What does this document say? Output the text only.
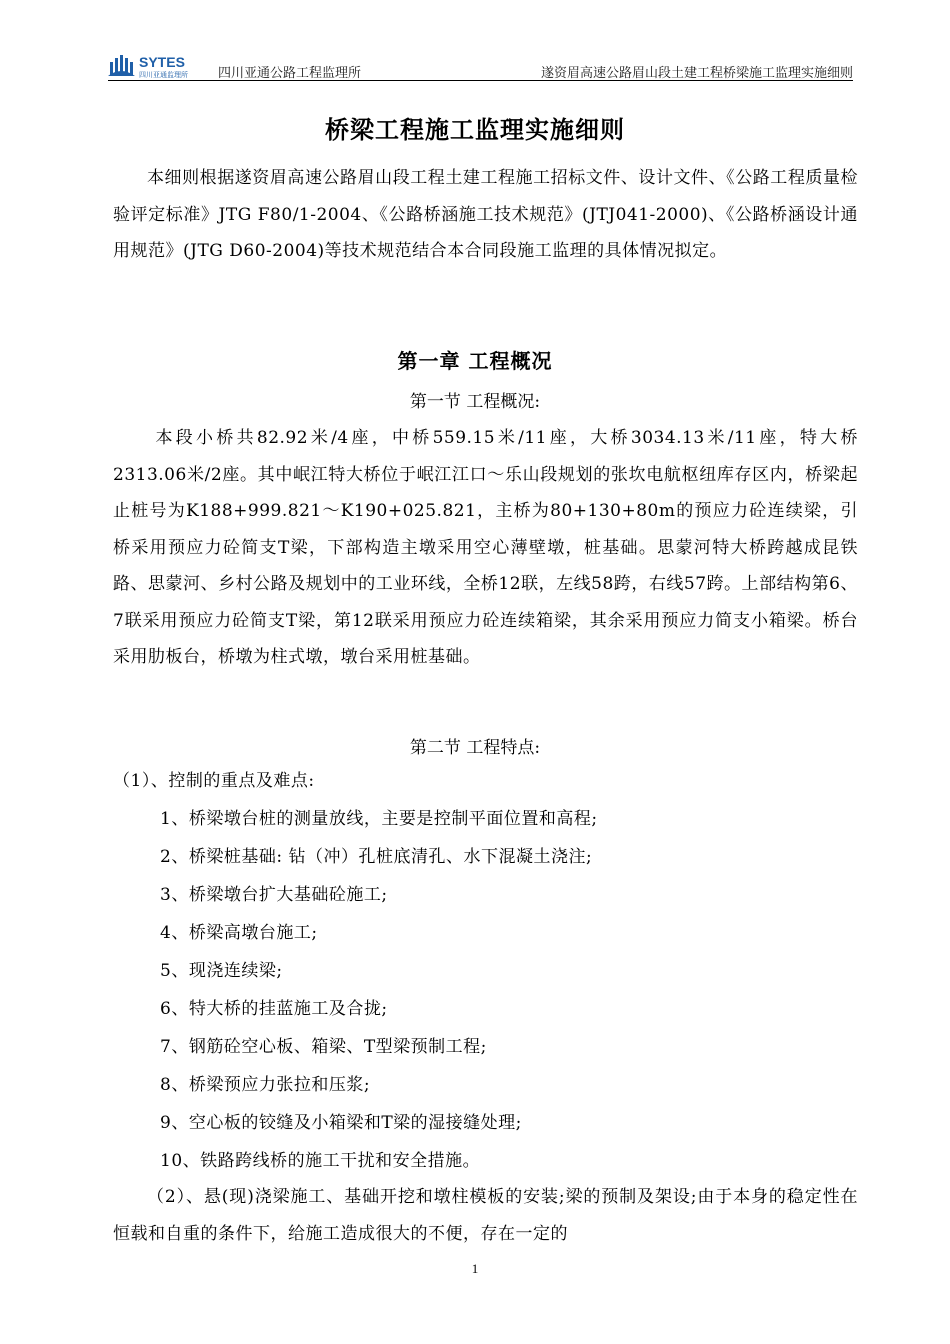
SYTES
四川亚通监理所 四川亚通公路工程监理所	遂资眉高速公路眉山段土建工程桥梁施工监理实施细则
桥梁工程施工监理实施细则

本细则根据遂资眉高速公路眉山段工程土建工程施工招标文件、设计文件、《公路工程质量检验评定标准》JTG F80/1-2004、《公路桥涵施工技术规范》(JTJ041-2000)、《公路桥涵设计通用规范》(JTG D60-2004)等技术规范结合本合同段施工监理的具体情况拟定。

第一章 工程概况
第一节 工程概况:

本段小桥共82.92米/4座，中桥559.15米/11座，大桥3034.13米/11座，特大桥2313.06米/2座。其中岷江特大桥位于岷江江口～乐山段规划的张坎电航枢纽库存区内，桥梁起止桩号为K188+999.821～K190+025.821，主桥为80+130+80m的预应力砼连续梁，引桥采用预应力砼简支T梁，下部构造主墩采用空心薄壁墩，桩基础。思蒙河特大桥跨越成昆铁路、思蒙河、乡村公路及规划中的工业环线，全桥12联，左线58跨，右线57跨。上部结构第6、7联采用预应力砼简支T梁，第12联采用预应力砼连续箱梁，其余采用预应力简支小箱梁。桥台采用肋板台，桥墩为柱式墩，墩台采用桩基础。

第二节 工程特点:

（1）、控制的重点及难点:

1、桥梁墩台桩的测量放线，主要是控制平面位置和高程;

2、桥梁桩基础: 钻（冲）孔桩底清孔、水下混凝土浇注;

3、桥梁墩台扩大基础砼施工;

4、桥梁高墩台施工;

5、现浇连续梁;

6、特大桥的挂蓝施工及合拢;

7、钢筋砼空心板、箱梁、T型梁预制工程;

8、桥梁预应力张拉和压浆;

9、空心板的铰缝及小箱梁和T梁的湿接缝处理;

10、铁路跨线桥的施工干扰和安全措施。

（2）、悬(现)浇梁施工、基础开挖和墩柱模板的安装;梁的预制及架设;由于本身的稳定性在恒载和自重的条件下，给施工造成很大的不便，存在一定的

1
